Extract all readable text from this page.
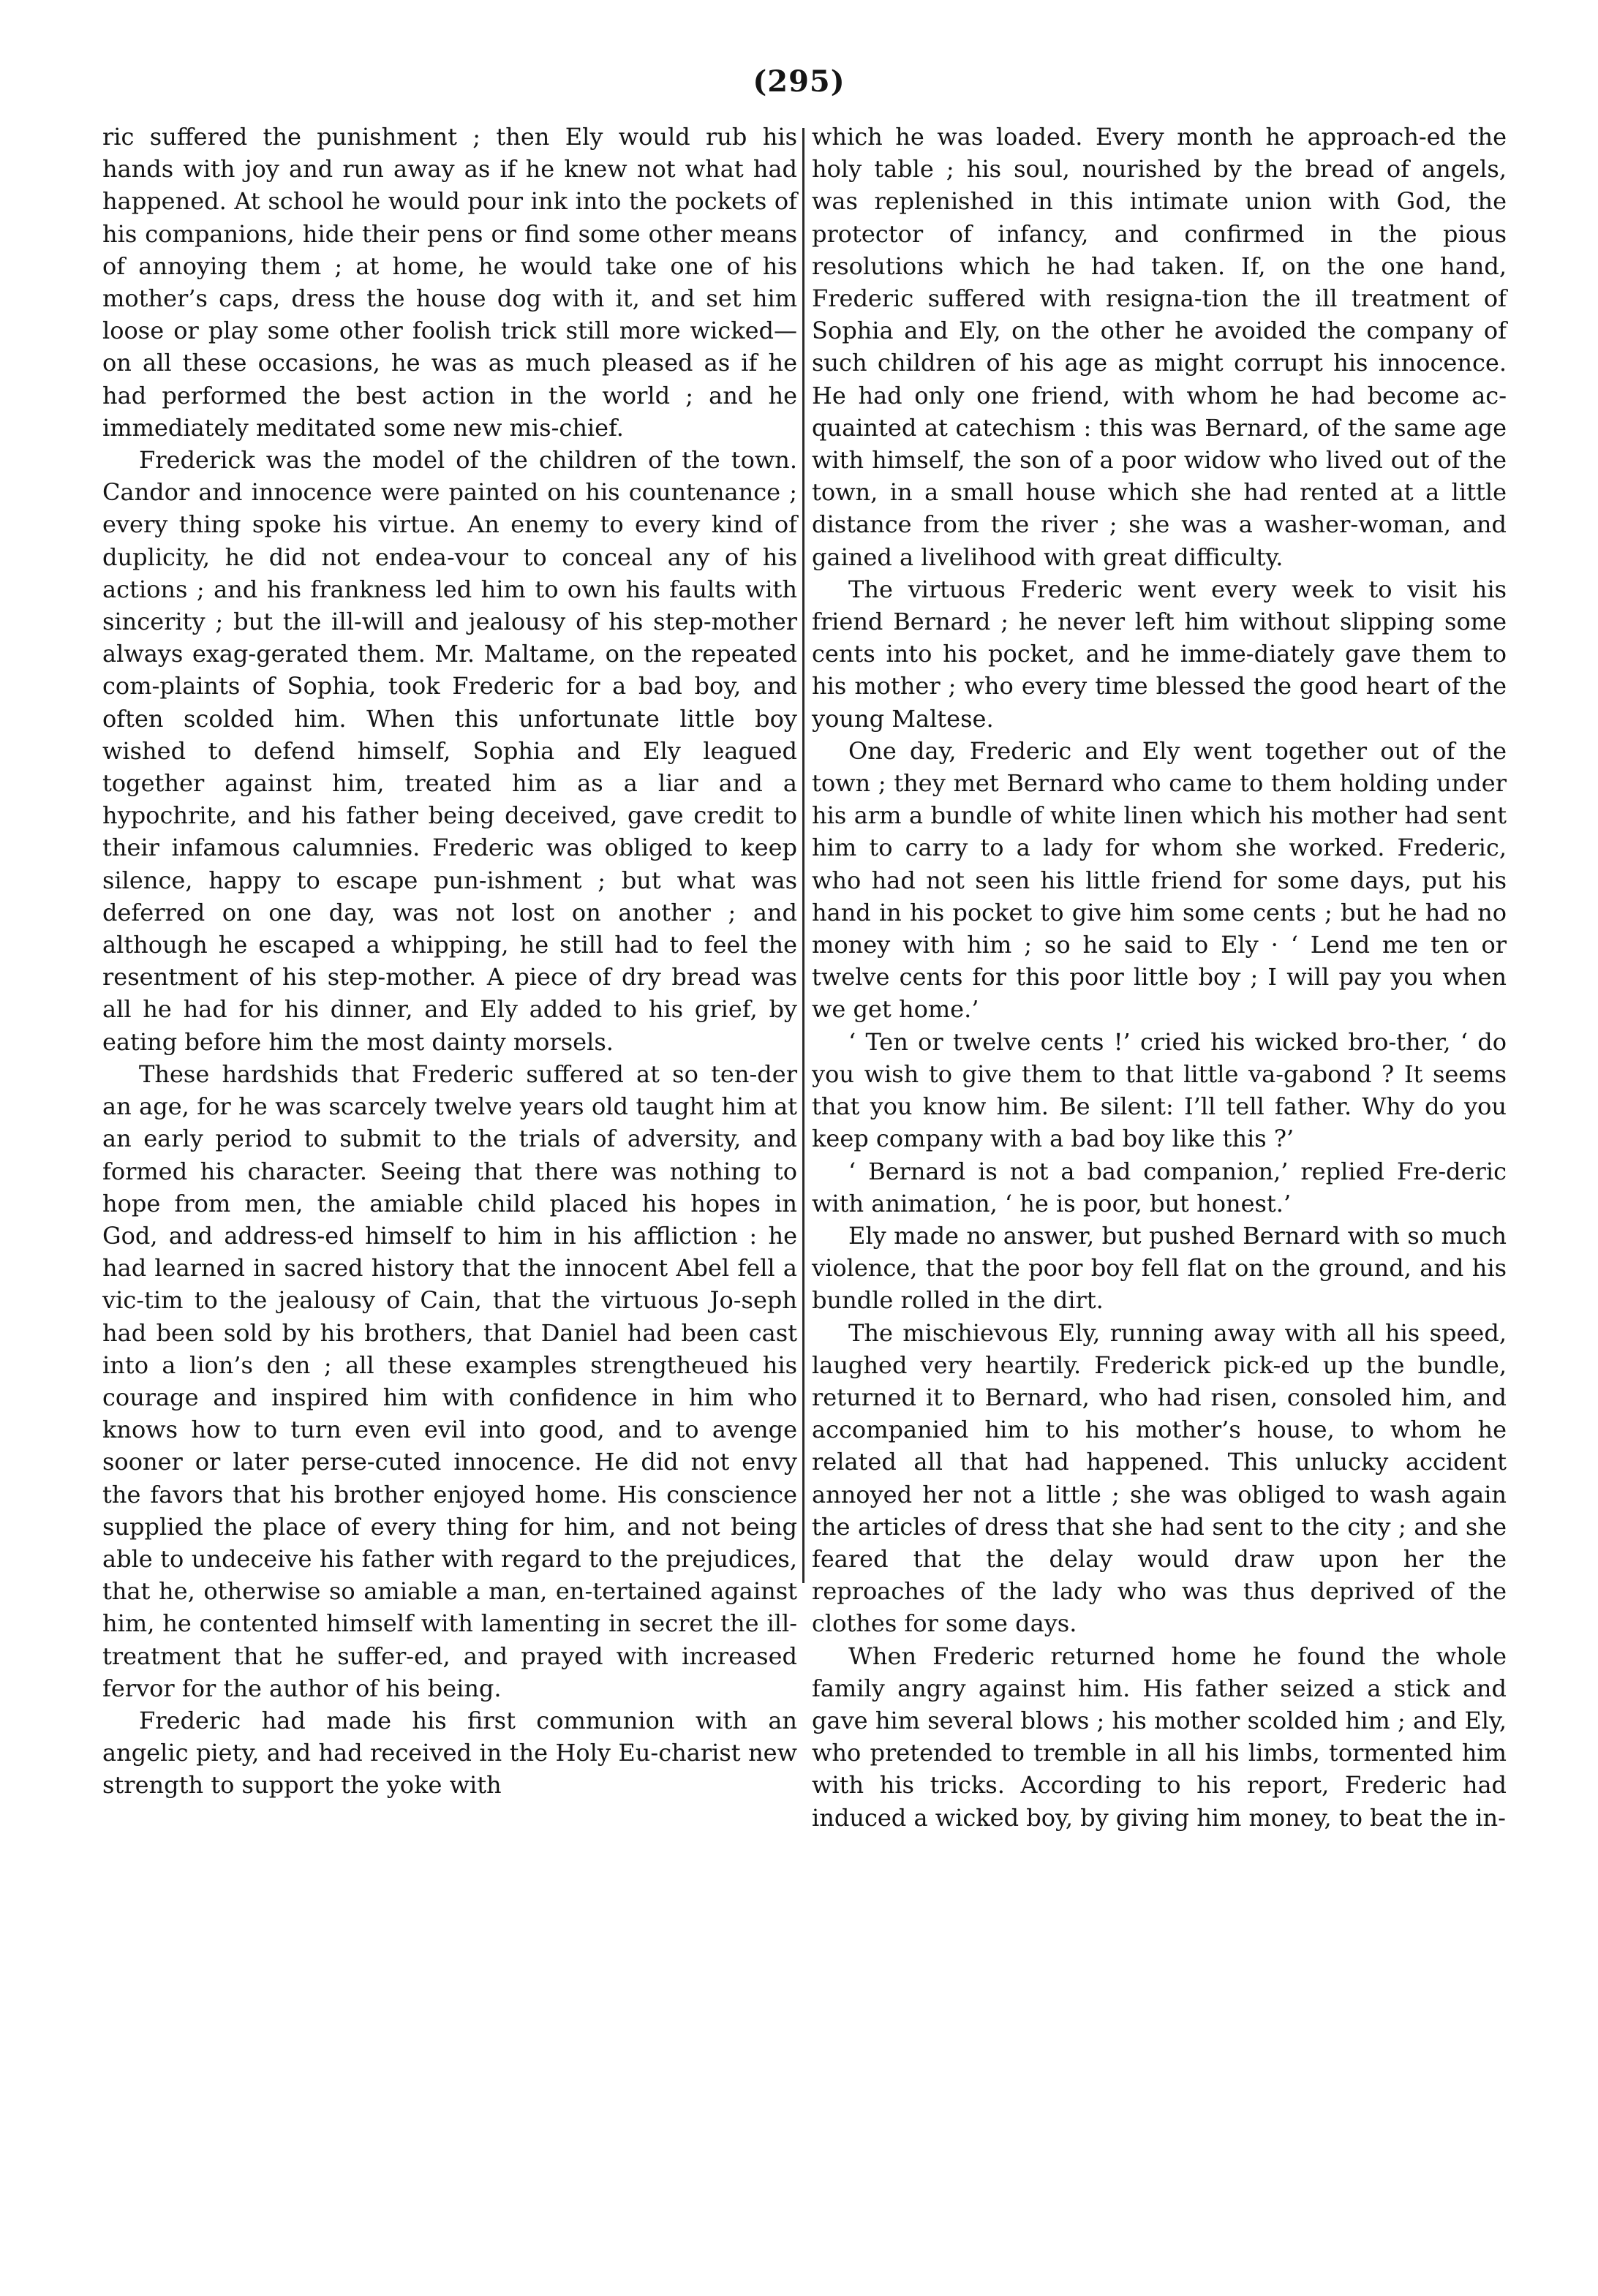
(295)

ric suffered the punishment ; then Ely would rub his hands with joy and run away as if he knew not what had happened. At school he would pour ink into the pockets of his companions, hide their pens or find some other means of annoying them ; at home, he would take one of his mother’s caps, dress the house dog with it, and set him loose or play some other foolish trick still more wicked—on all these occasions, he was as much pleased as if he had performed the best action in the world ; and he immediately meditated some new mis-chief.

Frederick was the model of the children of the town. Candor and innocence were painted on his countenance ; every thing spoke his virtue. An enemy to every kind of duplicity, he did not endea-vour to conceal any of his actions ; and his frankness led him to own his faults with sincerity ; but the ill-will and jealousy of his step-mother always exag-gerated them. Mr. Maltame, on the repeated com-plaints of Sophia, took Frederic for a bad boy, and often scolded him. When this unfortunate little boy wished to defend himself, Sophia and Ely leagued together against him, treated him as a liar and a hypochrite, and his father being deceived, gave credit to their infamous calumnies. Frederic was obliged to keep silence, happy to escape pun-ishment ; but what was deferred on one day, was not lost on another ; and although he escaped a whipping, he still had to feel the resentment of his step-mother. A piece of dry bread was all he had for his dinner, and Ely added to his grief, by eating before him the most dainty morsels.

These hardshids that Frederic suffered at so ten-der an age, for he was scarcely twelve years old taught him at an early period to submit to the trials of adversity, and formed his character. Seeing that there was nothing to hope from men, the amiable child placed his hopes in God, and address-ed himself to him in his affliction : he had learned in sacred history that the innocent Abel fell a vic-tim to the jealousy of Cain, that the virtuous Jo-seph had been sold by his brothers, that Daniel had been cast into a lion’s den ; all these examples strengtheued his courage and inspired him with confidence in him who knows how to turn even evil into good, and to avenge sooner or later perse-cuted innocence. He did not envy the favors that his brother enjoyed home. His conscience supplied the place of every thing for him, and not being able to undeceive his father with regard to the prejudices, that he, otherwise so amiable a man, en-tertained against him, he contented himself with lamenting in secret the ill-treatment that he suffer-ed, and prayed with increased fervor for the author of his being.

Frederic had made his first communion with an angelic piety, and had received in the Holy Eu-charist new strength to support the yoke with

which he was loaded. Every month he approach-ed the holy table ; his soul, nourished by the bread of angels, was replenished in this intimate union with God, the protector of infancy, and confirmed in the pious resolutions which he had taken. If, on the one hand, Frederic suffered with resigna-tion the ill treatment of Sophia and Ely, on the other he avoided the company of such children of his age as might corrupt his innocence. He had only one friend, with whom he had become ac-quainted at catechism : this was Bernard, of the same age with himself, the son of a poor widow who lived out of the town, in a small house which she had rented at a little distance from the river ; she was a washer-woman, and gained a livelihood with great difficulty.

The virtuous Frederic went every week to visit his friend Bernard ; he never left him without slipping some cents into his pocket, and he imme-diately gave them to his mother ; who every time blessed the good heart of the young Maltese.

One day, Frederic and Ely went together out of the town ; they met Bernard who came to them holding under his arm a bundle of white linen which his mother had sent him to carry to a lady for whom she worked. Frederic, who had not seen his little friend for some days, put his hand in his pocket to give him some cents ; but he had no money with him ; so he said to Ely · ‘ Lend me ten or twelve cents for this poor little boy ; I will pay you when we get home.’

‘ Ten or twelve cents !’ cried his wicked bro-ther, ‘ do you wish to give them to that little va-gabond ? It seems that you know him. Be silent: I’ll tell father. Why do you keep company with a bad boy like this ?’

‘ Bernard is not a bad companion,’ replied Fre-deric with animation, ‘ he is poor, but honest.’

Ely made no answer, but pushed Bernard with so much violence, that the poor boy fell flat on the ground, and his bundle rolled in the dirt.

The mischievous Ely, running away with all his speed, laughed very heartily. Frederick pick-ed up the bundle, returned it to Bernard, who had risen, consoled him, and accompanied him to his mother’s house, to whom he related all that had happened. This unlucky accident annoyed her not a little ; she was obliged to wash again the articles of dress that she had sent to the city ; and she feared that the delay would draw upon her the reproaches of the lady who was thus deprived of the clothes for some days.

When Frederic returned home he found the whole family angry against him. His father seized a stick and gave him several blows ; his mother scolded him ; and Ely, who pretended to tremble in all his limbs, tormented him with his tricks. According to his report, Frederic had induced a wicked boy, by giving him money, to beat the in-
